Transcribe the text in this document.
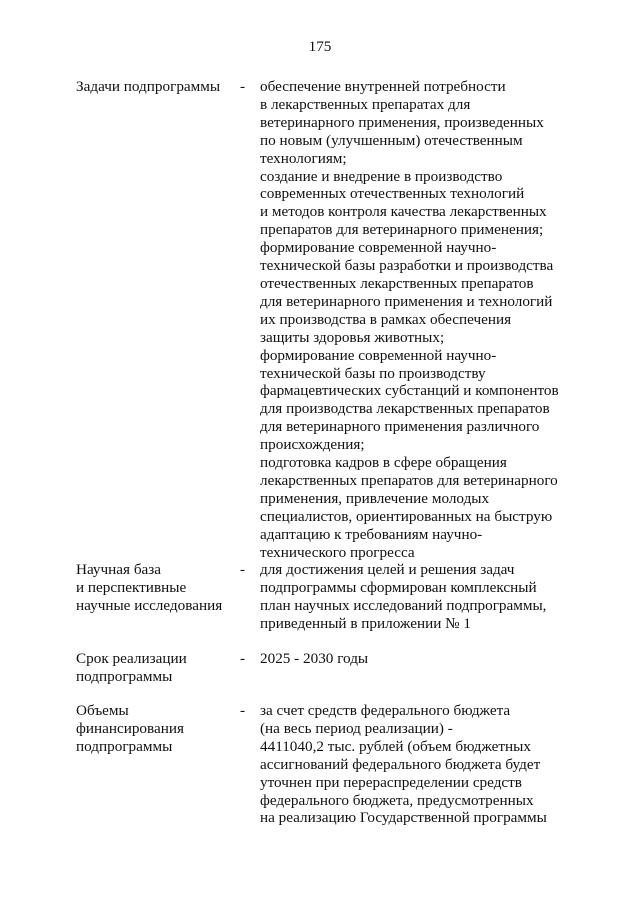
175
Задачи подпрограммы	- обеспечение внутренней потребности
в лекарственных препаратах для
ветеринарного применения, произведенных
по новым (улучшенным) отечественным
технологиям;
создание и внедрение в производство
современных отечественных технологий
и методов контроля качества лекарственных
препаратов для ветеринарного применения;
формирование современной научно-
технической базы разработки и производства
отечественных лекарственных препаратов
для ветеринарного применения и технологий
их производства в рамках обеспечения
защиты здоровья животных;
формирование современной научно-
технической базы по производству
фармацевтических субстанций и компонентов
для производства лекарственных препаратов
для ветеринарного применения различного
происхождения;
подготовка кадров в сфере обращения
лекарственных препаратов для ветеринарного
применения, привлечение молодых
специалистов, ориентированных на быструю
адаптацию к требованиям научно-
технического прогресса
Научная база
и перспективные
научные исследования
- для достижения целей и решения задач
подпрограммы сформирован комплексный
план научных исследований подпрограммы,
приведенный в приложении № 1
Срок реализации
подпрограммы
- 2025 - 2030 годы
Объемы
финансирования
подпрограммы
- за счет средств федерального бюджета
(на весь период реализации) -
4411040,2 тыс. рублей (объем бюджетных
ассигнований федерального бюджета будет
уточнен при перераспределении средств
федерального бюджета, предусмотренных
на реализацию Государственной программы
